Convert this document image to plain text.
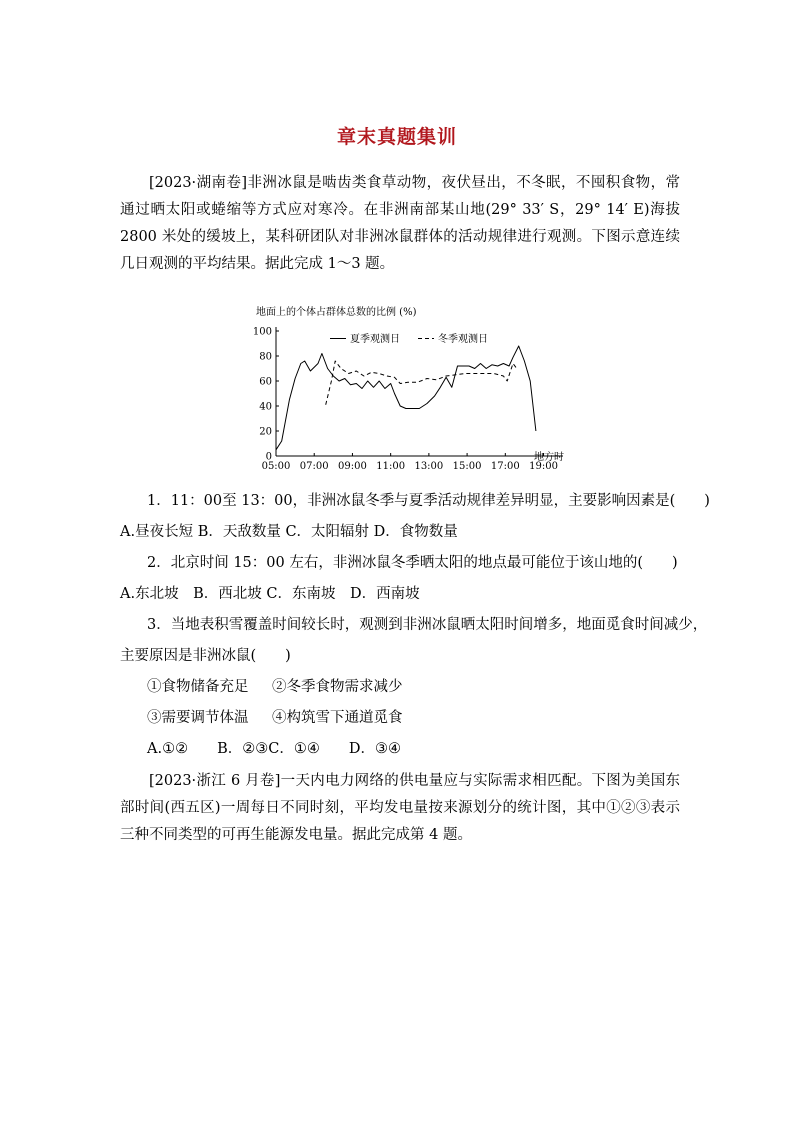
章末真题集训

[2023·湖南卷]非洲冰鼠是啮齿类食草动物，夜伏昼出，不冬眠，不囤积食物，常通过晒太阳或蜷缩等方式应对寒冷。在非洲南部某山地(29° 33′ S，29° 14′ E)海拔 2800 米处的缓坡上，某科研团队对非洲冰鼠群体的活动规律进行观测。下图示意连续几日观测的平均结果。据此完成 1～3 题。

地面上的个体占群体总数的比例 (%)
0
20
40
60
80
100
05:00 07:00 09:00 11:00 13:00 15:00 17:00 19:00
夏季观测日	冬季观测日
地方时
1．11：00至 13：00，非洲冰鼠冬季与夏季活动规律差异明显，主要影响因素是(　　)
A.昼夜长短 B．天敌数量 C．太阳辐射 D．食物数量
2．北京时间 15：00 左右，非洲冰鼠冬季晒太阳的地点最可能位于该山地的(　　)
A.东北坡　B．西北坡 C．东南坡　D．西南坡
3．当地表积雪覆盖时间较长时，观测到非洲冰鼠晒太阳时间增多，地面觅食时间减少，
主要原因是非洲冰鼠(　　)
①食物储备充足 ②冬季食物需求减少
③需要调节体温 ④构筑雪下通道觅食
A.①②　　B．②③C．①④　　D．③④

[2023·浙江 6 月卷]一天内电力网络的供电量应与实际需求相匹配。下图为美国东部时间(西五区)一周每日不同时刻，平均发电量按来源划分的统计图，其中①②③表示三种不同类型的可再生能源发电量。据此完成第 4 题。
